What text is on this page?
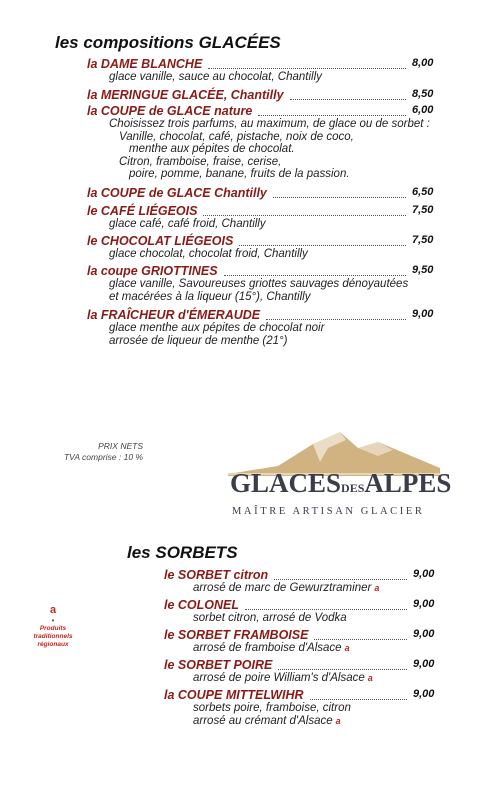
les compositions GLACÉES
la DAME BLANCHE	8,00
glace vanille, sauce au chocolat, Chantilly
la MERINGUE GLACÉE, Chantilly	8,50
la COUPE de GLACE nature	6,00
Choisissez trois parfums, au maximum, de glace ou de sorbet :
Vanille, chocolat, café, pistache, noix de coco,
menthe aux pépites de chocolat.
Citron, framboise, fraise, cerise,
poire, pomme, banane, fruits de la passion.
la COUPE de GLACE Chantilly	6,50
le CAFÉ LIÉGEOIS	7,50
glace café, café froid, Chantilly
le CHOCOLAT LIÉGEOIS	7,50
glace chocolat, chocolat froid, Chantilly
la coupe GRIOTTINES	9,50
glace vanille, Savoureuses griottes sauvages dénoyautées
et macérées à la liqueur (15°), Chantilly
la FRAÎCHEUR d'ÉMERAUDE	9,00
glace menthe aux pépites de chocolat noir
arrosée de liqueur de menthe (21°)
PRIX NETS
TVA comprise : 10 %
GLACESDESALPES
MAÎTRE ARTISAN GLACIER
les SORBETS
le SORBET citron	9,00
arrosé de marc de Gewurztraminer $^a$
le COLONEL	9,00
sorbet citron, arrosé de Vodka
le SORBET FRAMBOISE	9,00
arrosé de framboise d'Alsace $^a$
le SORBET POIRE	9,00
arrosé de poire William's d'Alsace $^a$
la COUPE MITTELWIHR	9,00
sorbets poire, framboise, citron
arrosé au crémant d'Alsace $^a$
a
•
Produits
traditionnels
régionaux
